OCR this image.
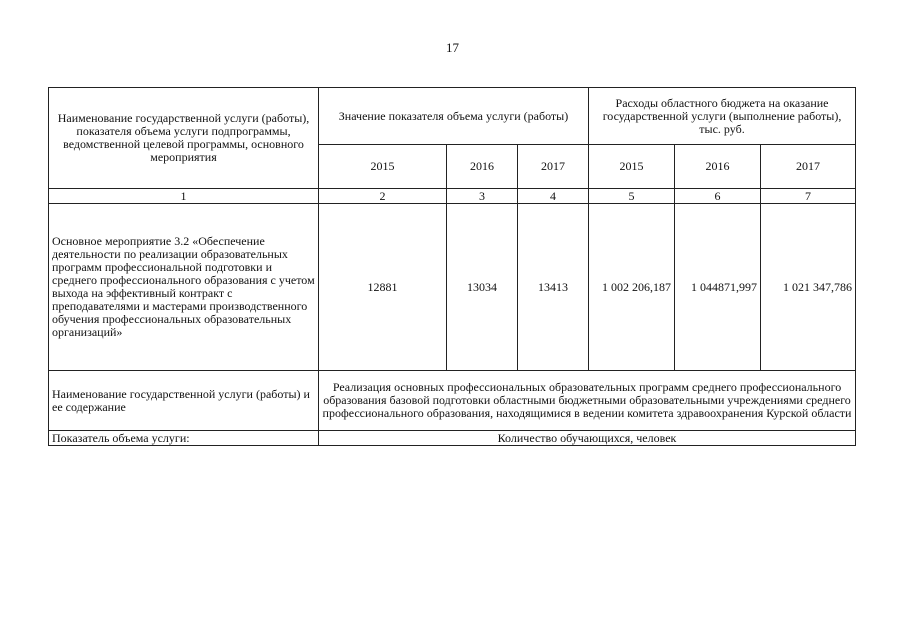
17
Наименование государственной услуги (работы), показателя объема услуги подпрограммы, ведомственной целевой программы, основного мероприятия	Значение показателя объема услуги (работы)			Расходы областного бюджета на оказание государственной услуги (выполнение работы),
тыс. руб.		
	2015	2016	2017	2015	2016	2017
1	2	3	4	5	6	7
Основное мероприятие 3.2 «Обеспечение деятельности по реализации образовательных программ профессиональной подготовки и среднего профессионального образования с учетом выхода на эффективный контракт с преподавателями и мастерами производственного обучения профессиональных образовательных организаций»	12881	13034	13413	1 002 206,187	1 044871,997	1 021 347,786
Наименование государственной услуги (работы) и ее содержание	Реализация основных профессиональных образовательных программ среднего профессионального образования базовой подготовки областными бюджетными образовательными учреждениями среднего профессионального образования, находящимися в ведении комитета здравоохранения Курской области					
Показатель объема услуги:	Количество обучающихся, человек					
